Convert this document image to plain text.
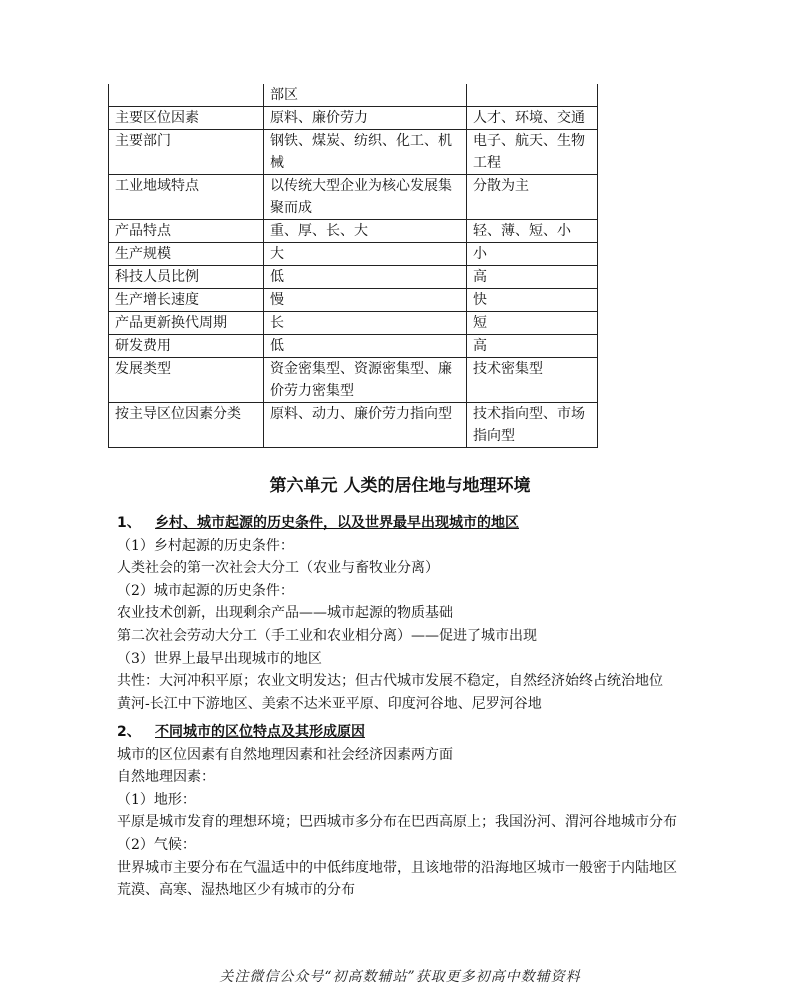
	部区	
主要区位因素	原料、廉价劳力	人才、环境、交通
主要部门	钢铁、煤炭、纺织、化工、机械	电子、航天、生物工程
工业地域特点	以传统大型企业为核心发展集聚而成	分散为主
产品特点	重、厚、长、大	轻、薄、短、小
生产规模	大	小
科技人员比例	低	高
生产增长速度	慢	快
产品更新换代周期	长	短
研发费用	低	高
发展类型	资金密集型、资源密集型、廉价劳力密集型	技术密集型
按主导区位因素分类	原料、动力、廉价劳力指向型	技术指向型、市场指向型
第六单元 人类的居住地与地理环境

1、 乡村、城市起源的历史条件，以及世界最早出现城市的地区

（1）乡村起源的历史条件：

人类社会的第一次社会大分工（农业与畜牧业分离）

（2）城市起源的历史条件：

农业技术创新，出现剩余产品——城市起源的物质基础

第二次社会劳动大分工（手工业和农业相分离）——促进了城市出现

（3）世界上最早出现城市的地区

共性：大河冲积平原；农业文明发达；但古代城市发展不稳定，自然经济始终占统治地位

黄河-长江中下游地区、美索不达米亚平原、印度河谷地、尼罗河谷地

2、 不同城市的区位特点及其形成原因

城市的区位因素有自然地理因素和社会经济因素两方面

自然地理因素：

（1）地形：

平原是城市发育的理想环境；巴西城市多分布在巴西高原上；我国汾河、渭河谷地城市分布

（2）气候：

世界城市主要分布在气温适中的中低纬度地带，且该地带的沿海地区城市一般密于内陆地区

荒漠、高寒、湿热地区少有城市的分布

关注微信公众号“初高数辅站”获取更多初高中数辅资料
